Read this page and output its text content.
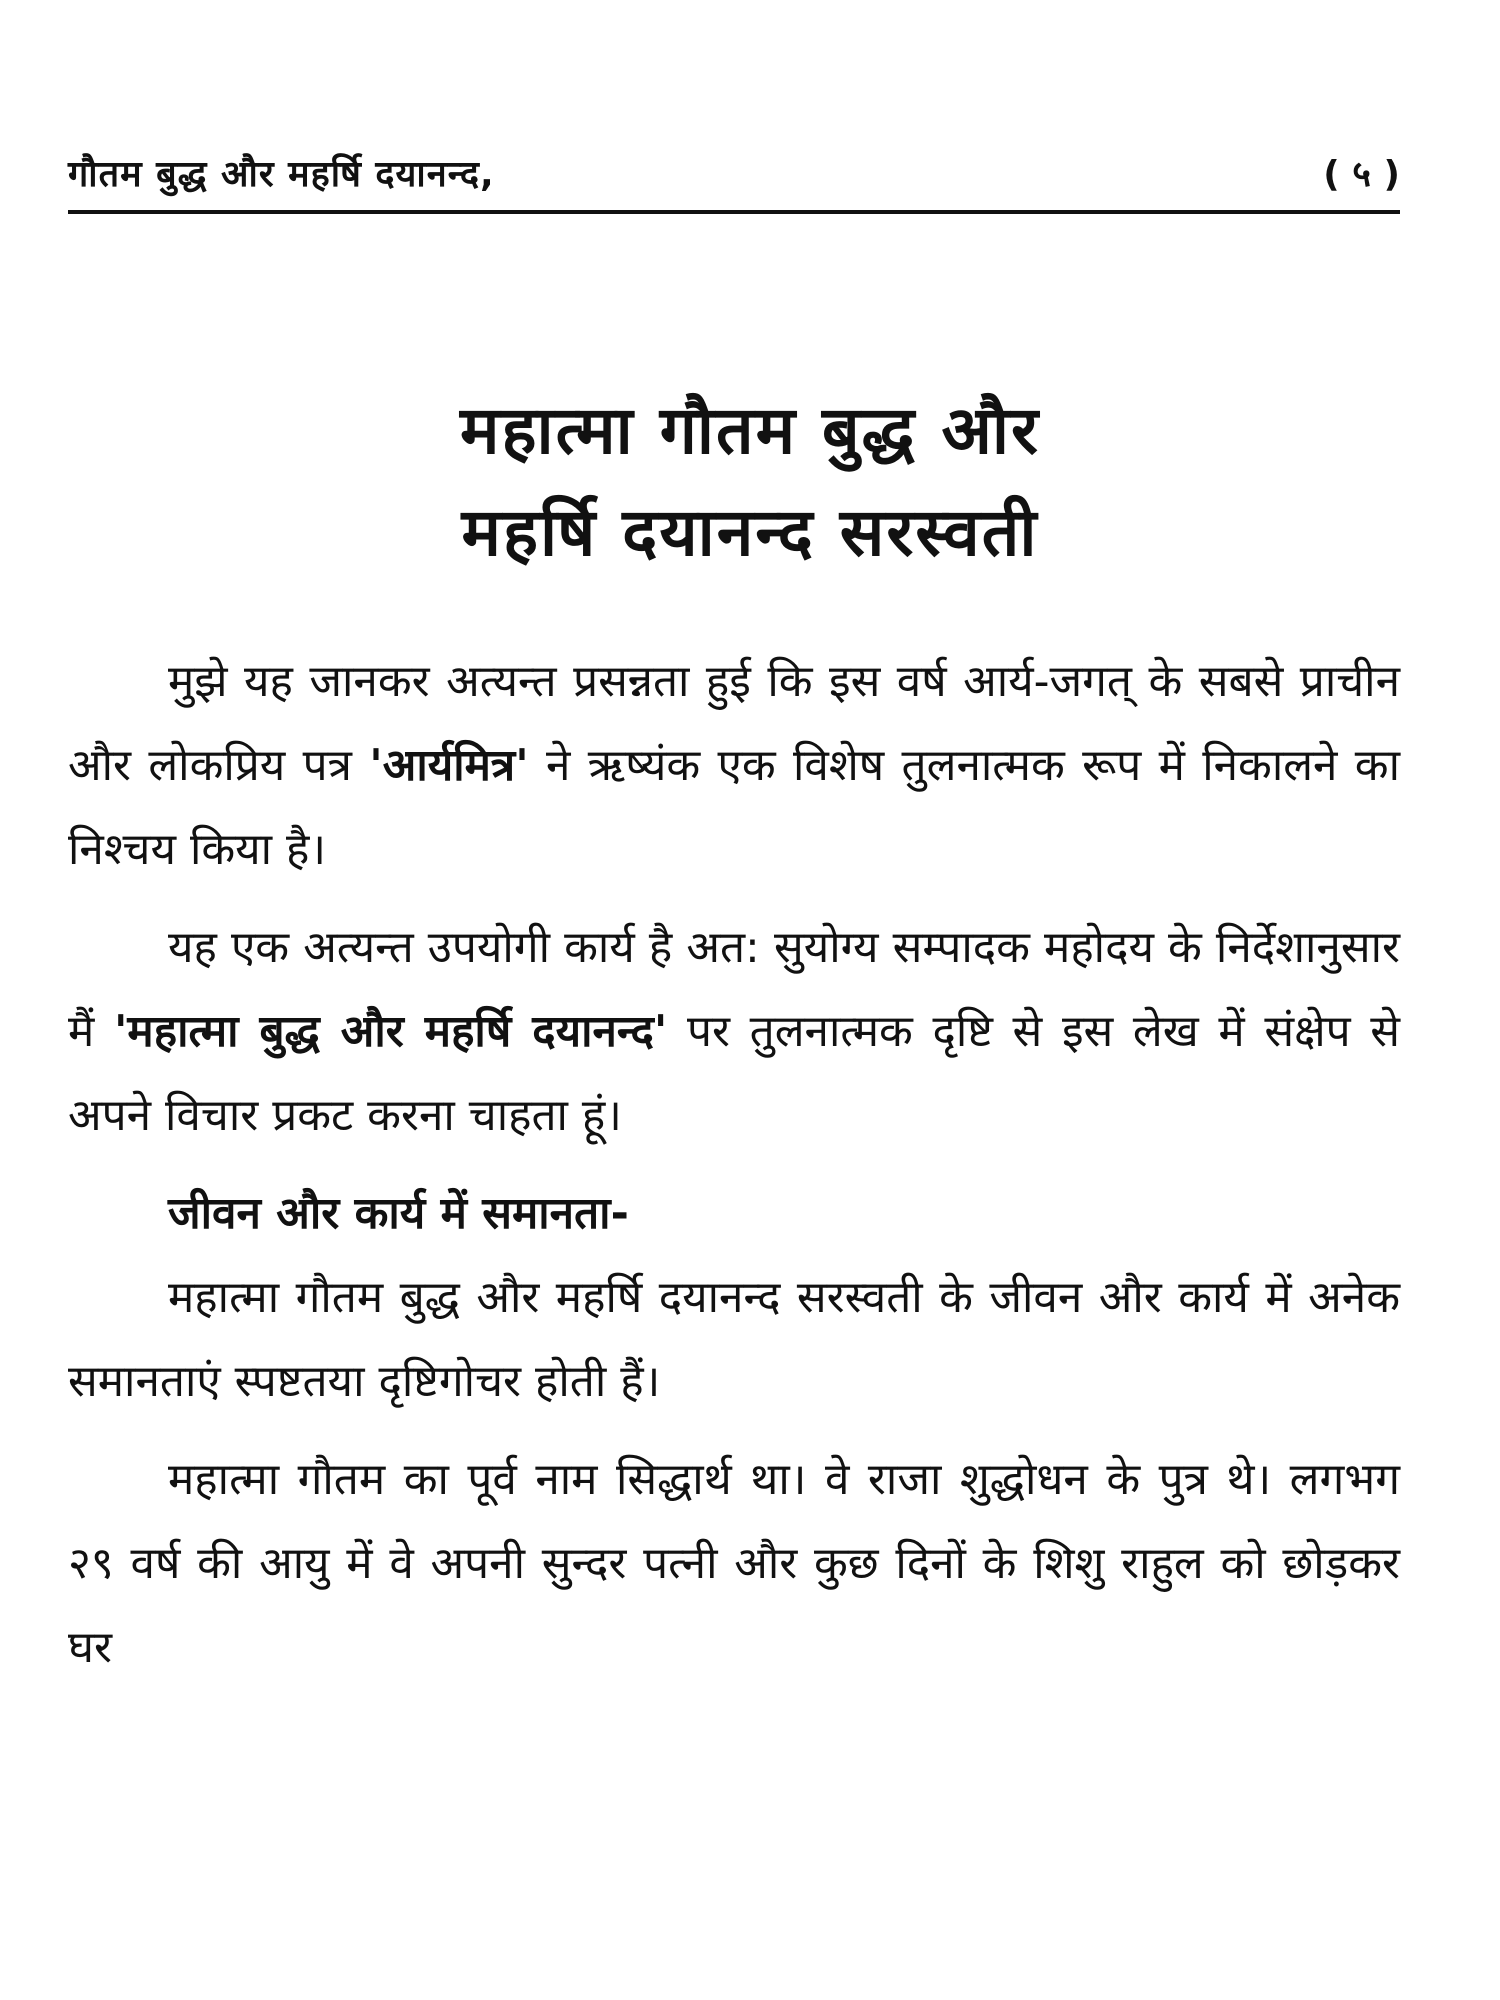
गौतम बुद्ध और महर्षि दयानन्द,	( ५ )
महात्मा गौतम बुद्ध और
महर्षि दयानन्द सरस्वती

मुझे यह जानकर अत्यन्त प्रसन्नता हुई कि इस वर्ष आर्य-जगत् के सबसे प्राचीन और लोकप्रिय पत्र 'आर्यमित्र' ने ऋष्यंक एक विशेष तुलनात्मक रूप में निकालने का निश्चय किया है।

यह एक अत्यन्त उपयोगी कार्य है अत: सुयोग्य सम्पादक महोदय के निर्देशानुसार मैं 'महात्मा बुद्ध और महर्षि दयानन्द' पर तुलनात्मक दृष्टि से इस लेख में संक्षेप से अपने विचार प्रकट करना चाहता हूं।

जीवन और कार्य में समानता-

महात्मा गौतम बुद्ध और महर्षि दयानन्द सरस्वती के जीवन और कार्य में अनेक समानताएं स्पष्टतया दृष्टिगोचर होती हैं।

महात्मा गौतम का पूर्व नाम सिद्धार्थ था। वे राजा शुद्धोधन के पुत्र थे। लगभग २९ वर्ष की आयु में वे अपनी सुन्दर पत्नी और कुछ दिनों के शिशु राहुल को छोड़कर घर
